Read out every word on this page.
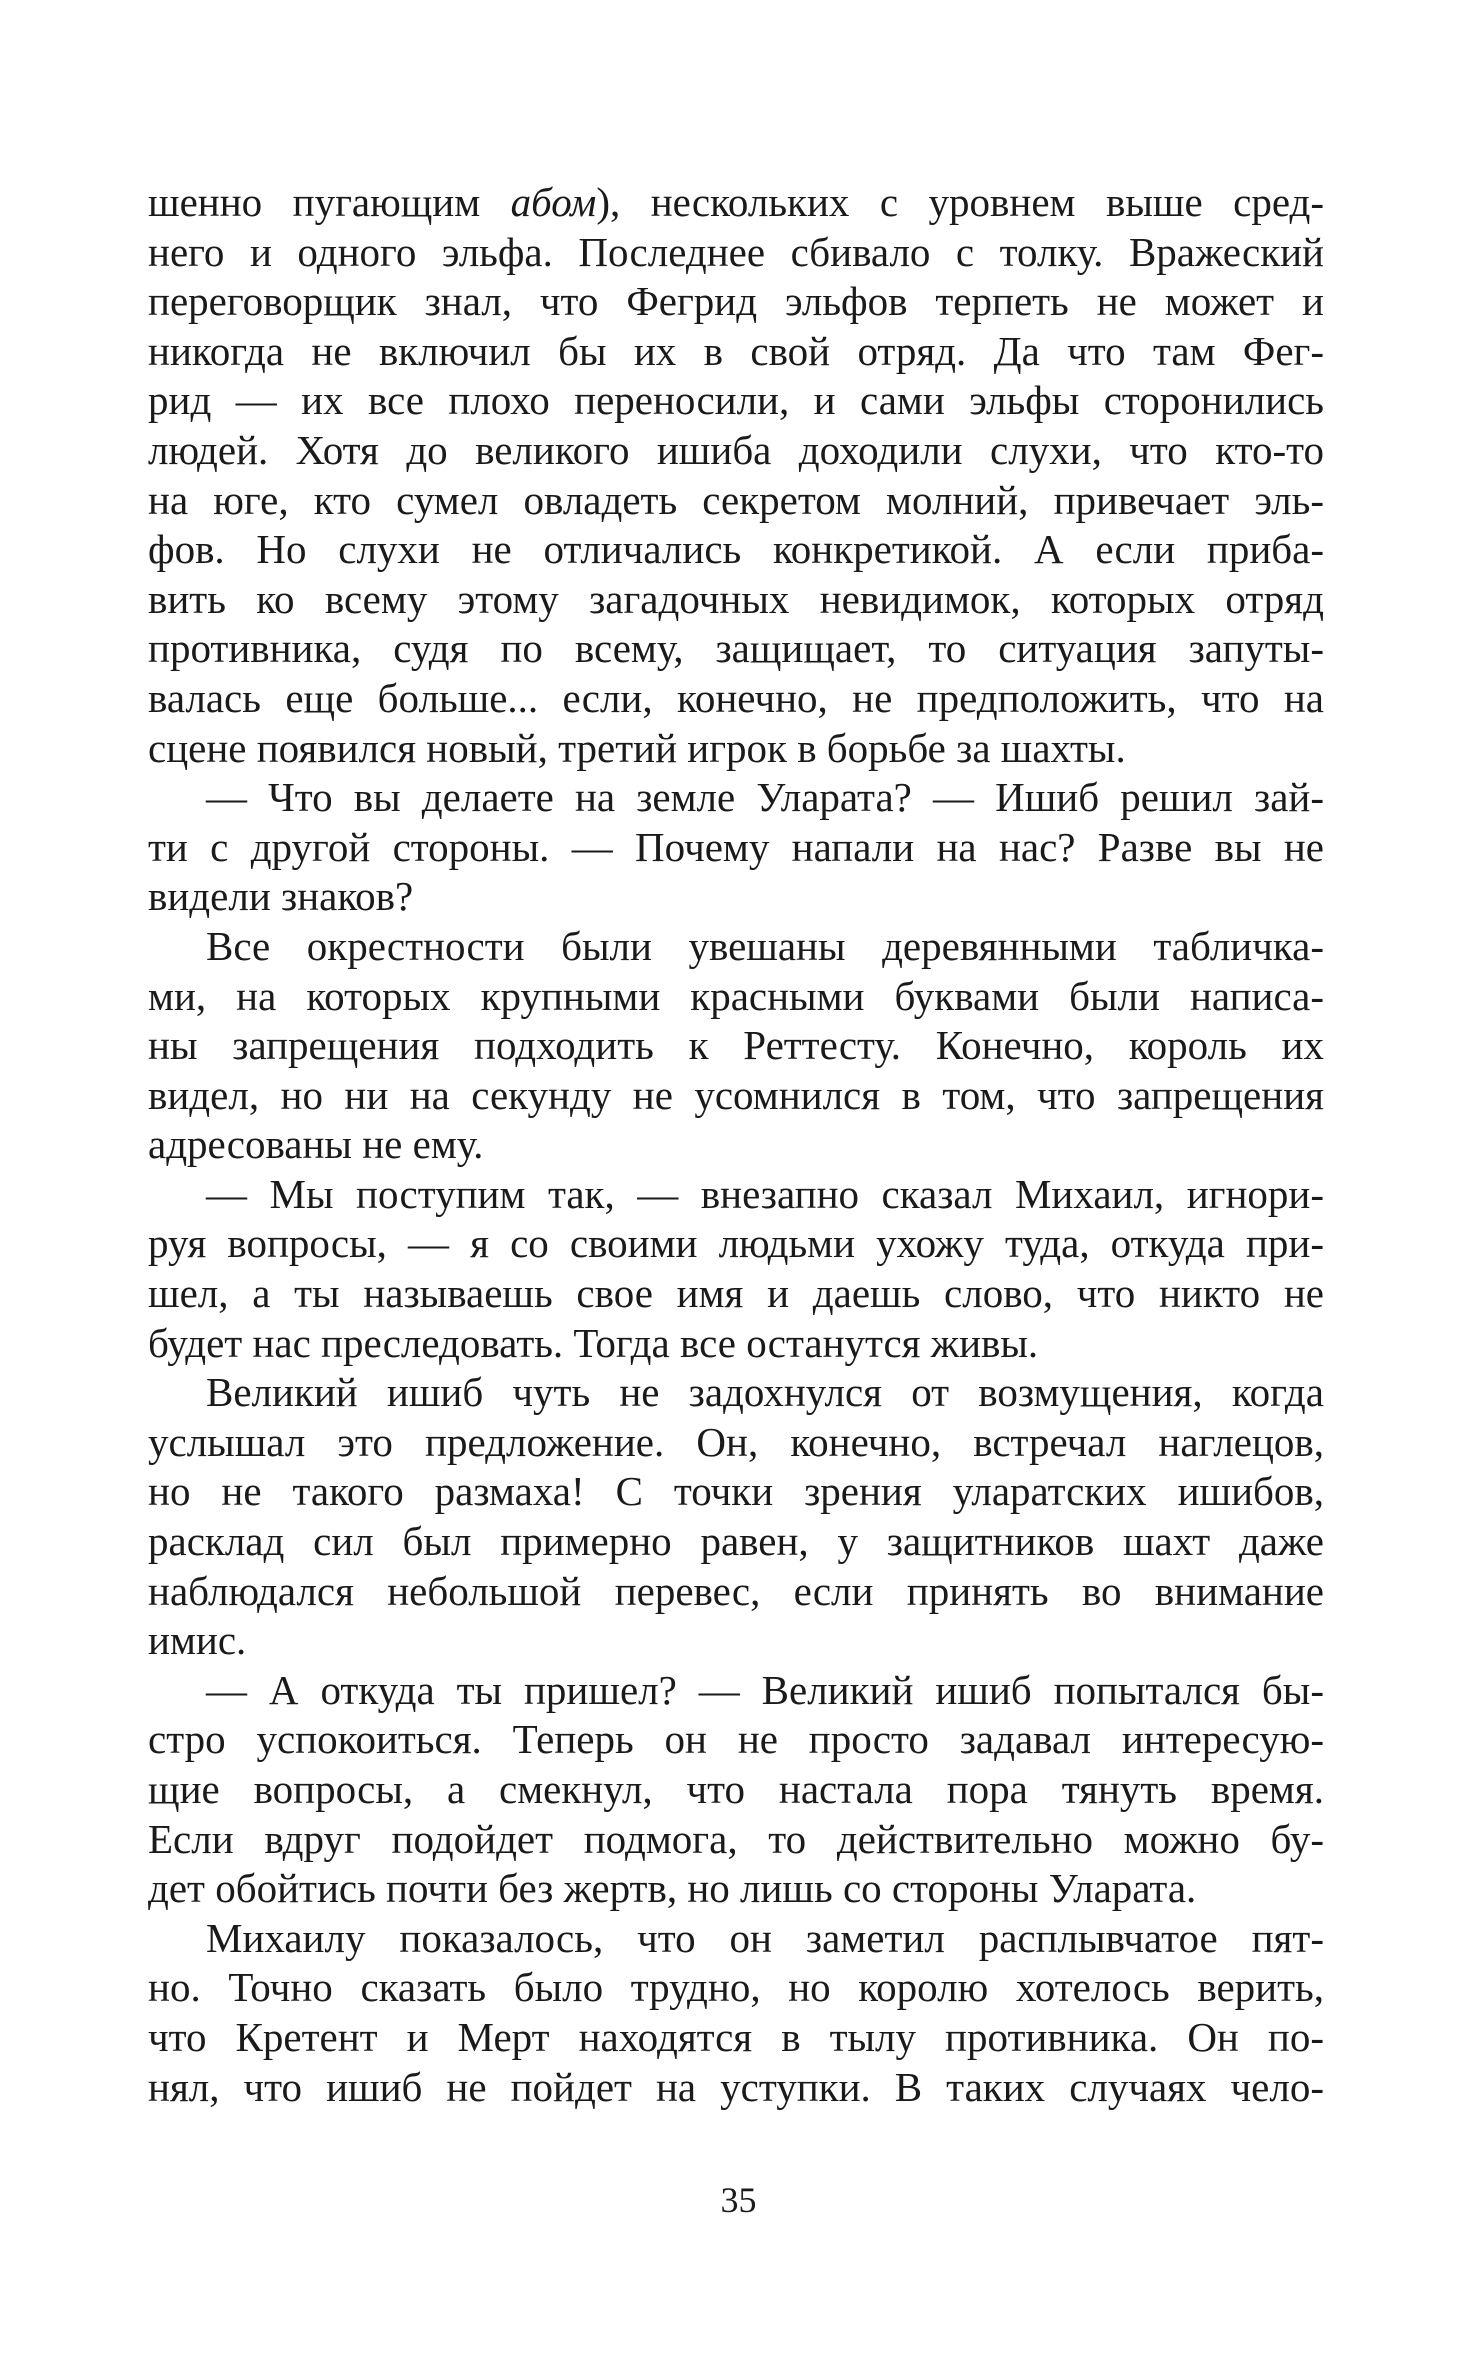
шенно пугающим абом), нескольких с уровнем выше сред-
него и одного эльфа. Последнее сбивало с толку. Вражеский
переговорщик знал, что Фегрид эльфов терпеть не может и
никогда не включил бы их в свой отряд. Да что там Фег-
рид — их все плохо переносили, и сами эльфы сторонились
людей. Хотя до великого ишиба доходили слухи, что кто-то
на юге, кто сумел овладеть секретом молний, привечает эль-
фов. Но слухи не отличались конкретикой. А если приба-
вить ко всему этому загадочных невидимок, которых отряд
противника, судя по всему, защищает, то ситуация запуты-
валась еще больше... если, конечно, не предположить, что на
сцене появился новый, третий игрок в борьбе за шахты.
— Что вы делаете на земле Уларата? — Ишиб решил зай-
ти с другой стороны. — Почему напали на нас? Разве вы не
видели знаков?
Все окрестности были увешаны деревянными табличка-
ми, на которых крупными красными буквами были написа-
ны запрещения подходить к Реттесту. Конечно, король их
видел, но ни на секунду не усомнился в том, что запрещения
адресованы не ему.
— Мы поступим так, — внезапно сказал Михаил, игнори-
руя вопросы, — я со своими людьми ухожу туда, откуда при-
шел, а ты называешь свое имя и даешь слово, что никто не
будет нас преследовать. Тогда все останутся живы.
Великий ишиб чуть не задохнулся от возмущения, когда
услышал это предложение. Он, конечно, встречал наглецов,
но не такого размаха! С точки зрения уларатских ишибов,
расклад сил был примерно равен, у защитников шахт даже
наблюдался небольшой перевес, если принять во внимание
имис.
— А откуда ты пришел? — Великий ишиб попытался бы-
стро успокоиться. Теперь он не просто задавал интересую-
щие вопросы, а смекнул, что настала пора тянуть время.
Если вдруг подойдет подмога, то действительно можно бу-
дет обойтись почти без жертв, но лишь со стороны Уларата.
Михаилу показалось, что он заметил расплывчатое пят-
но. Точно сказать было трудно, но королю хотелось верить,
что Кретент и Мерт находятся в тылу противника. Он по-
нял, что ишиб не пойдет на уступки. В таких случаях чело-
35
